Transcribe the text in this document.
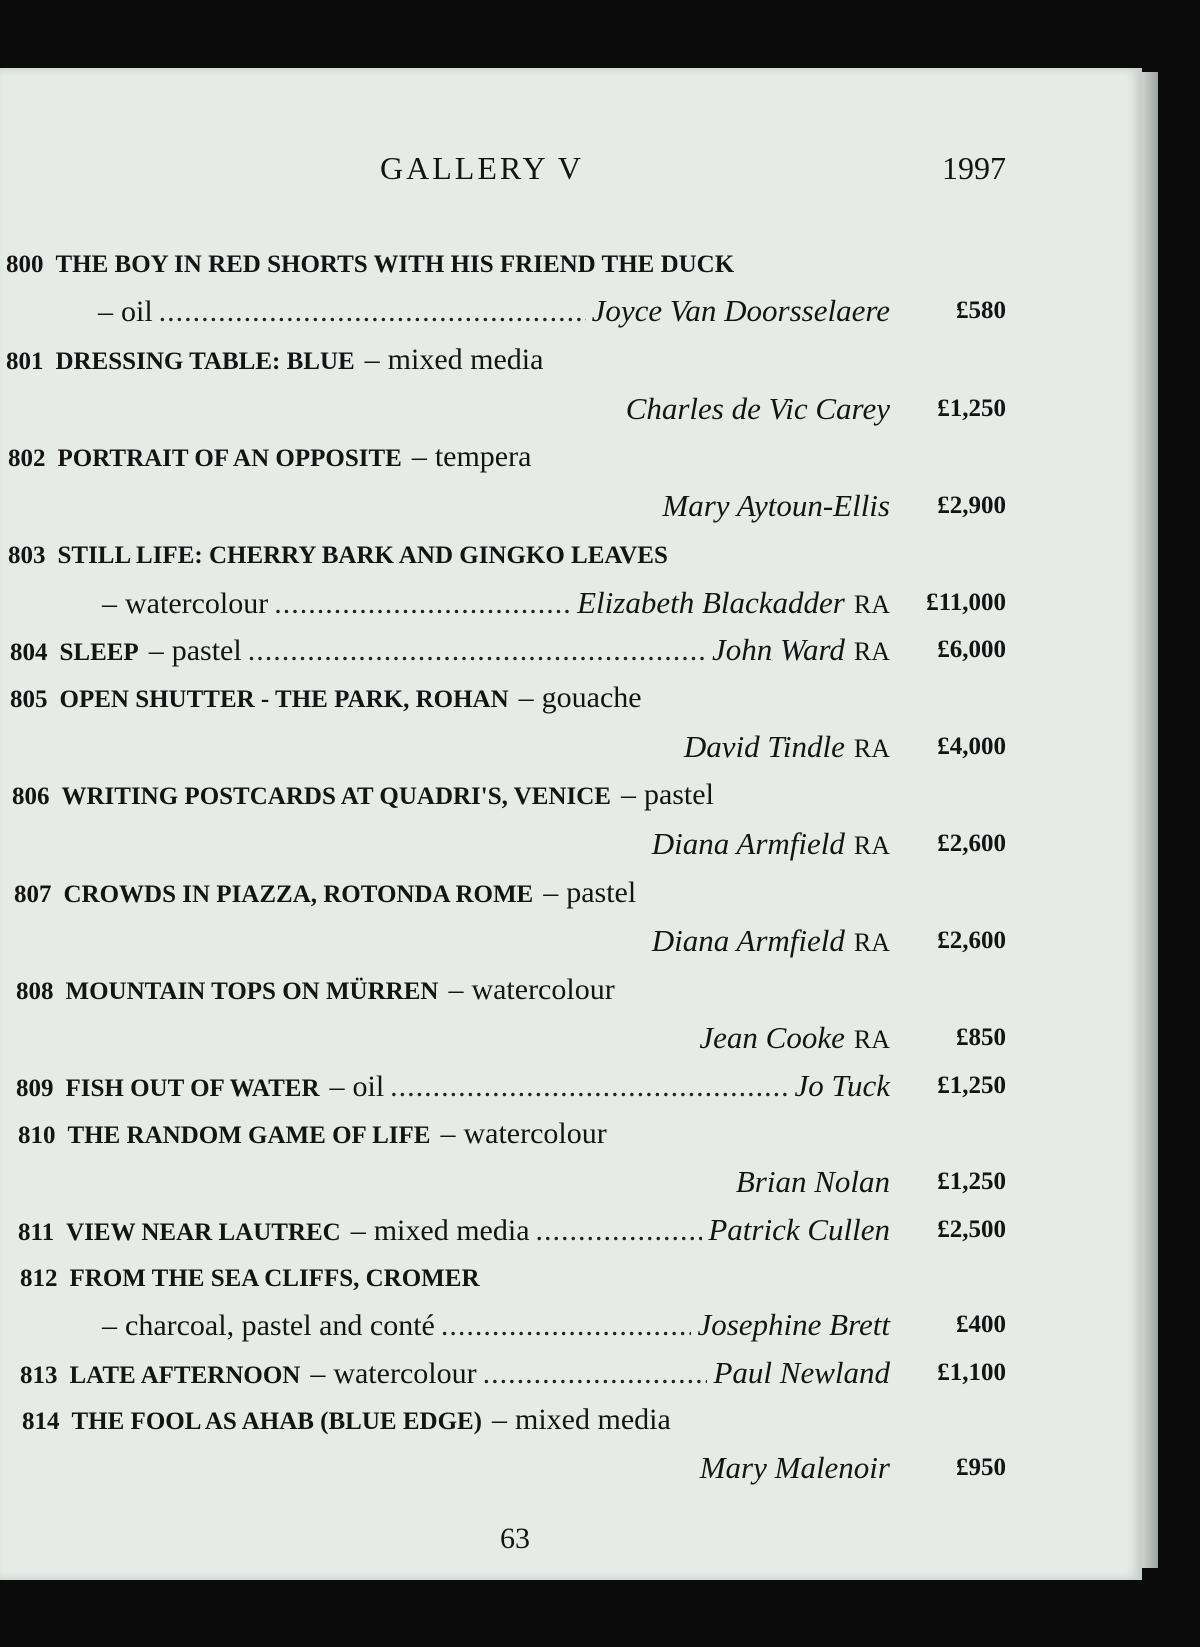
GALLERY V	1997
800 THE BOY IN RED SHORTS WITH HIS FRIEND THE DUCK
– oil .....	Joyce Van Doorsselaere	£580
801 DRESSING TABLE: BLUE – mixed media
Charles de Vic Carey	£1,250
802 PORTRAIT OF AN OPPOSITE – tempera
Mary Aytoun-Ellis	£2,900
803 STILL LIFE: CHERRY BARK AND GINGKO LEAVES
– watercolour .....	Elizabeth Blackadder RA	£11,000
804 SLEEP – pastel .....	John Ward RA	£6,000
805 OPEN SHUTTER - THE PARK, ROHAN – gouache
David Tindle RA	£4,000
806 WRITING POSTCARDS AT QUADRI'S, VENICE – pastel
Diana Armfield RA	£2,600
807 CROWDS IN PIAZZA, ROTONDA ROME – pastel
Diana Armfield RA	£2,600
808 MOUNTAIN TOPS ON MÜRREN – watercolour
Jean Cooke RA	£850
809 FISH OUT OF WATER – oil .....	Jo Tuck	£1,250
810 THE RANDOM GAME OF LIFE – watercolour
Brian Nolan	£1,250
811 VIEW NEAR LAUTREC – mixed media .....	Patrick Cullen	£2,500
812 FROM THE SEA CLIFFS, CROMER
– charcoal, pastel and conté .....	Josephine Brett	£400
813 LATE AFTERNOON – watercolour .....	Paul Newland	£1,100
814 THE FOOL AS AHAB (BLUE EDGE) – mixed media
Mary Malenoir	£950
63
